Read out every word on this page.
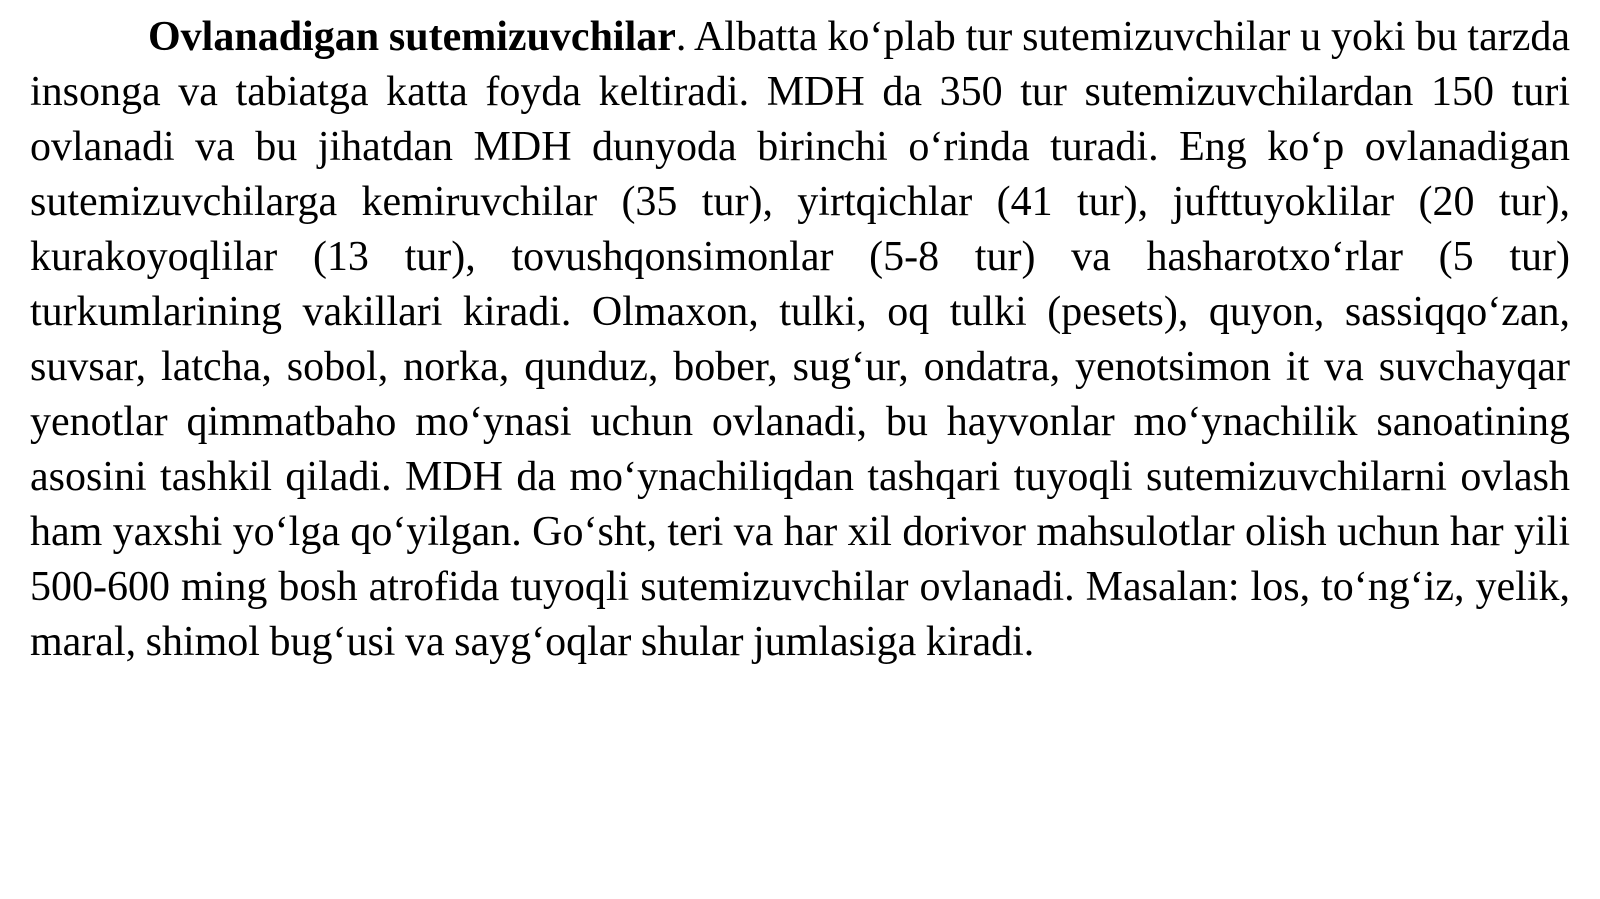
Ovlanadigan sutemizuvchilar. Albatta ko‘plab tur sutemizuvchilar u yoki bu tarzda insonga va tabiatga katta foyda keltiradi. MDH da 350 tur sutemizuvchilardan 150 turi ovlanadi va bu jihatdan MDH dunyoda birinchi o‘rinda turadi. Eng ko‘p ovlanadigan sutemizuvchilarga kemiruvchilar (35 tur), yirtqichlar (41 tur), jufttuyoklilar (20 tur), kurakoyoqlilar (13 tur), tovushqonsimonlar (5-8 tur) va hasharotxo‘rlar (5 tur) turkumlarining vakillari kiradi. Olmaxon, tulki, oq tulki (pesets), quyon, sassiqqo‘zan, suvsar, latcha, sobol, norka, qunduz, bober, sug‘ur, ondatra, yenotsimon it va suvchayqar yenotlar qimmatbaho mo‘ynasi uchun ovlanadi, bu hayvonlar mo‘ynachilik sanoatining asosini tashkil qiladi. MDH da mo‘ynachiliqdan tashqari tuyoqli sutemizuvchilarni ovlash ham yaxshi yo‘lga qo‘yilgan. Go‘sht, teri va har xil dorivor mahsulotlar olish uchun har yili 500-600 ming bosh atrofida tuyoqli sutemizuvchilar ovlanadi. Masalan: los, to‘ng‘iz, yelik, maral, shimol bug‘usi va sayg‘oqlar shular jumlasiga kiradi.
